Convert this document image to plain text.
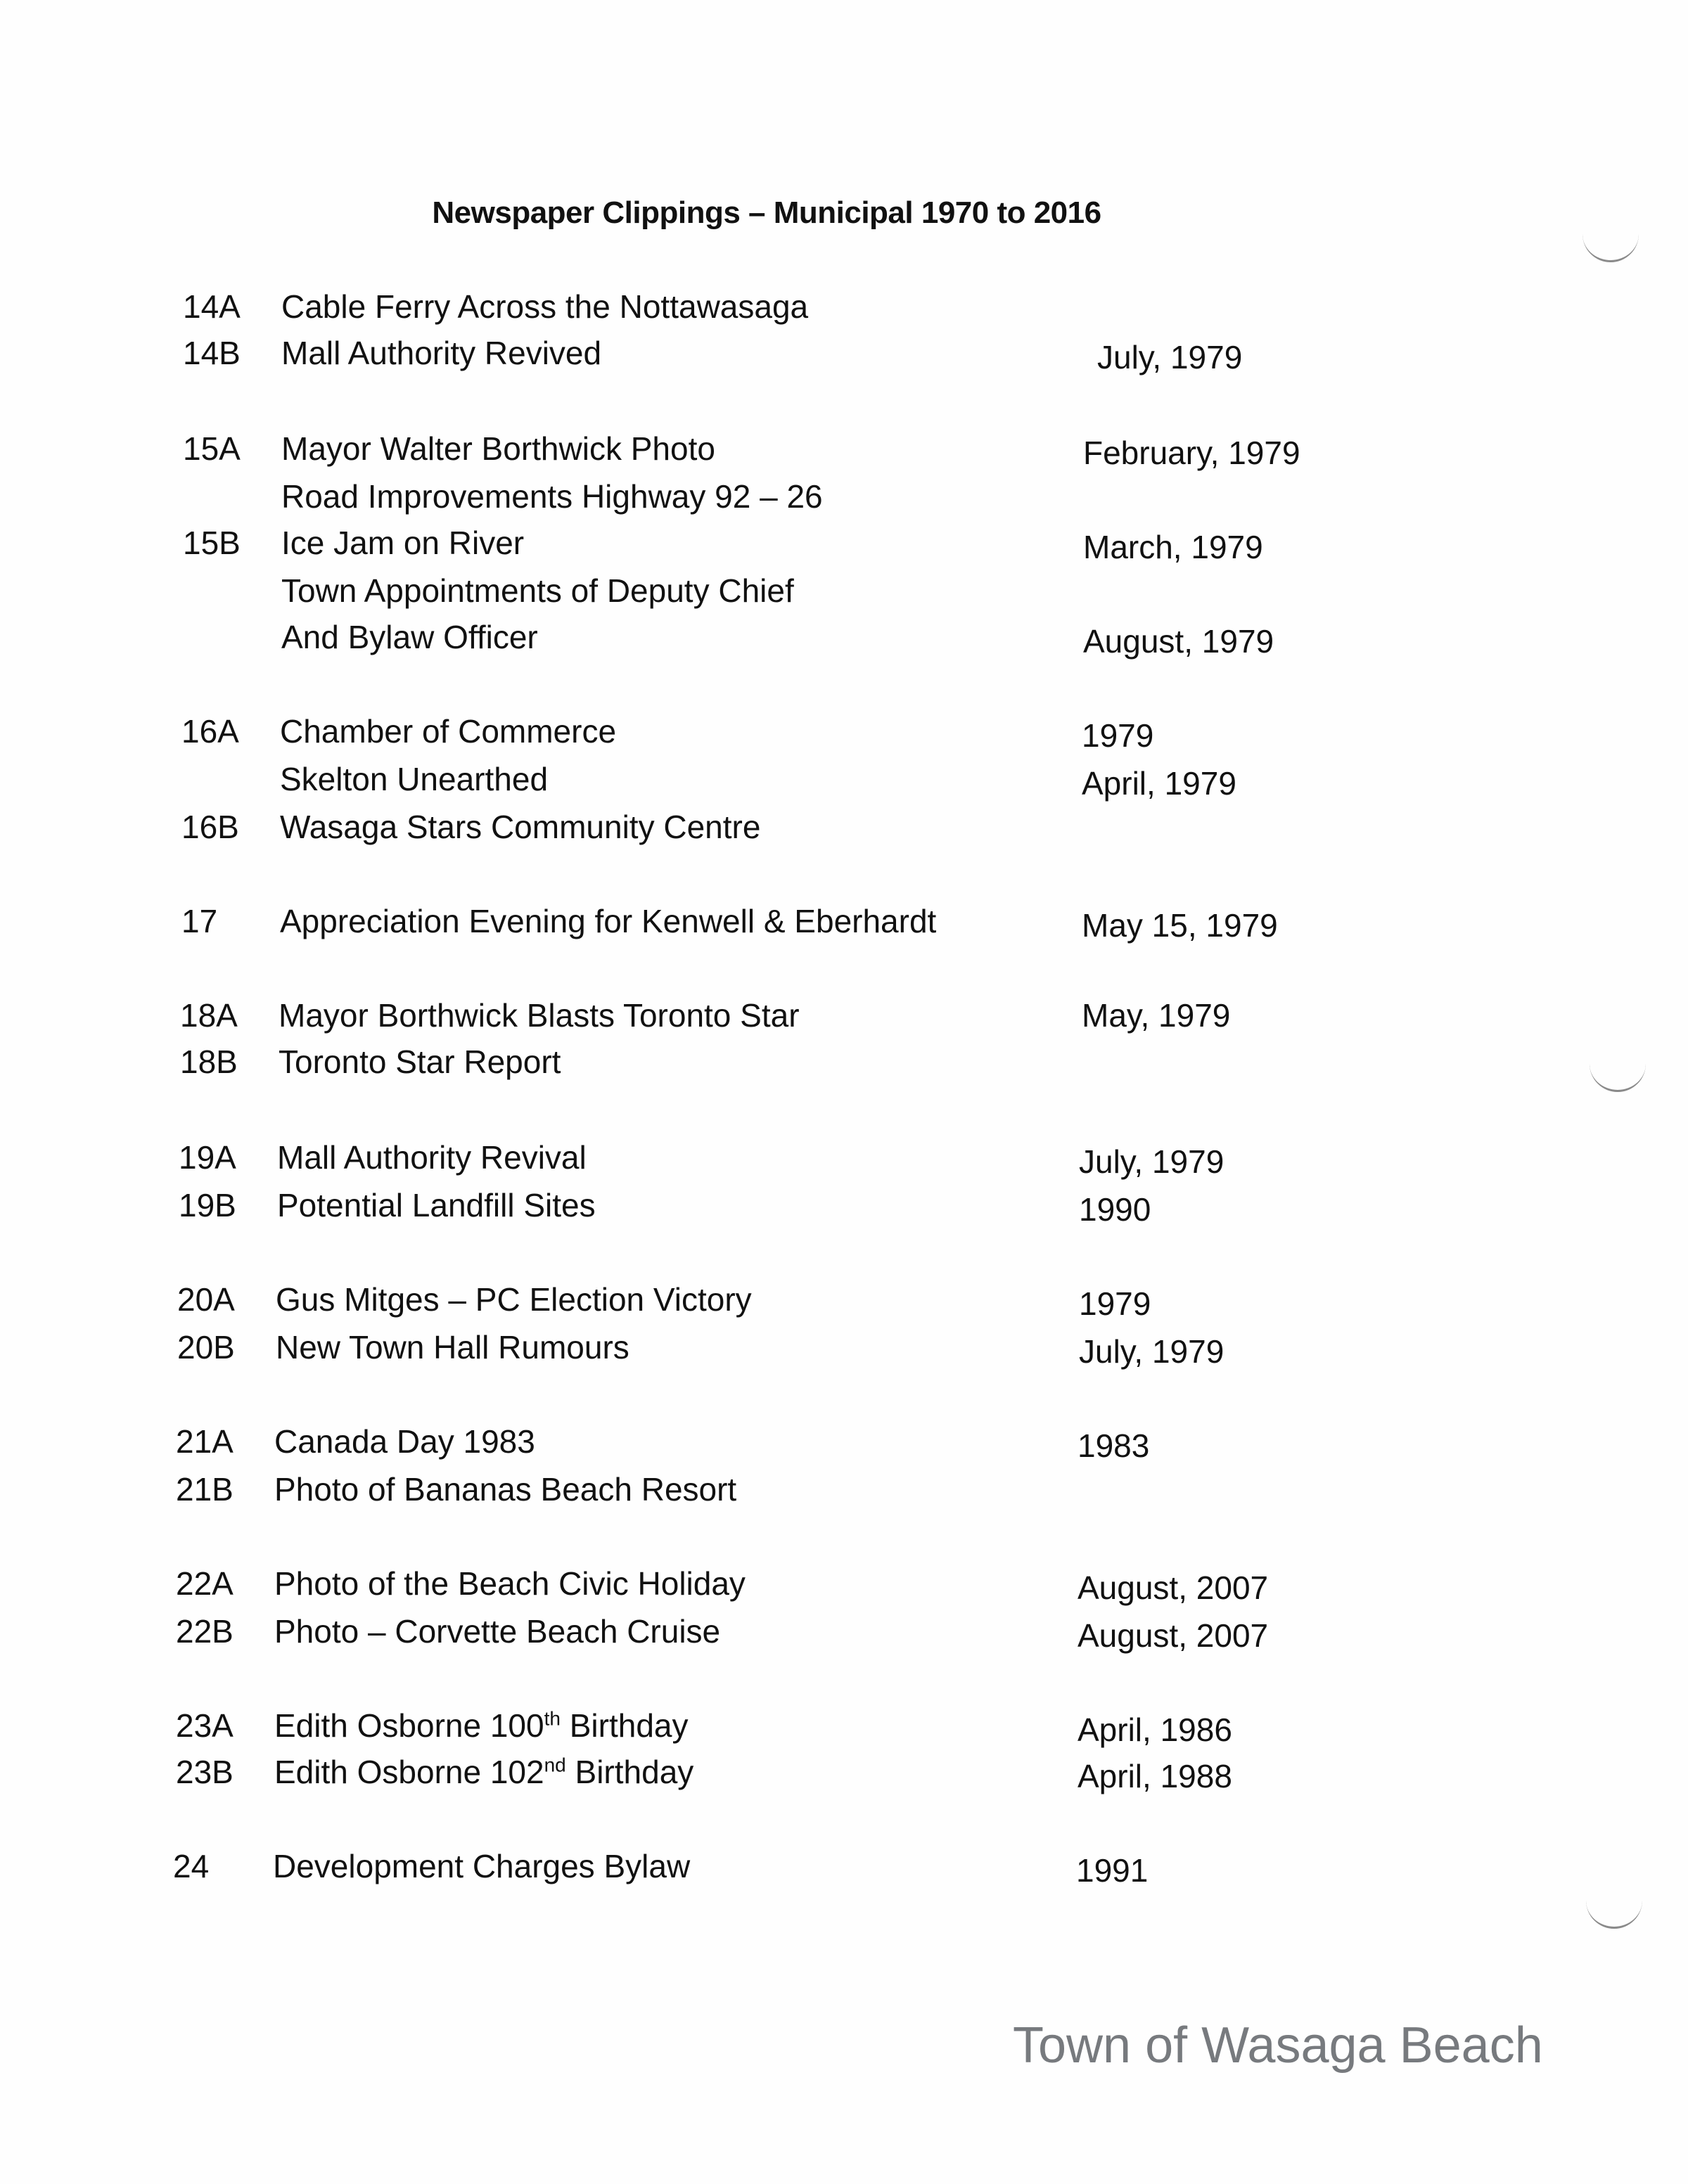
Newspaper Clippings – Municipal 1970 to 2016
14A Cable Ferry Across the Nottawasaga
14B Mall Authority Revived	July, 1979
15A Mayor Walter Borthwick Photo	February, 1979
Road Improvements Highway 92 – 26
15B Ice Jam on River	March, 1979
Town Appointments of Deputy Chief
And Bylaw Officer	August, 1979
16A Chamber of Commerce	1979
Skelton Unearthed	April, 1979
16B Wasaga Stars Community Centre
17 Appreciation Evening for Kenwell & Eberhardt	May 15, 1979
18A Mayor Borthwick Blasts Toronto Star	May, 1979
18B Toronto Star Report
19A Mall Authority Revival	July, 1979
19B Potential Landfill Sites	1990
20A Gus Mitges – PC Election Victory	1979
20B New Town Hall Rumours	July, 1979
21A Canada Day 1983	1983
21B Photo of Bananas Beach Resort
22A Photo of the Beach Civic Holiday	August, 2007
22B Photo – Corvette Beach Cruise	August, 2007
23A Edith Osborne 100th Birthday	April, 1986
23B Edith Osborne 102nd Birthday	April, 1988
24 Development Charges Bylaw	1991
Town of Wasaga Beach
